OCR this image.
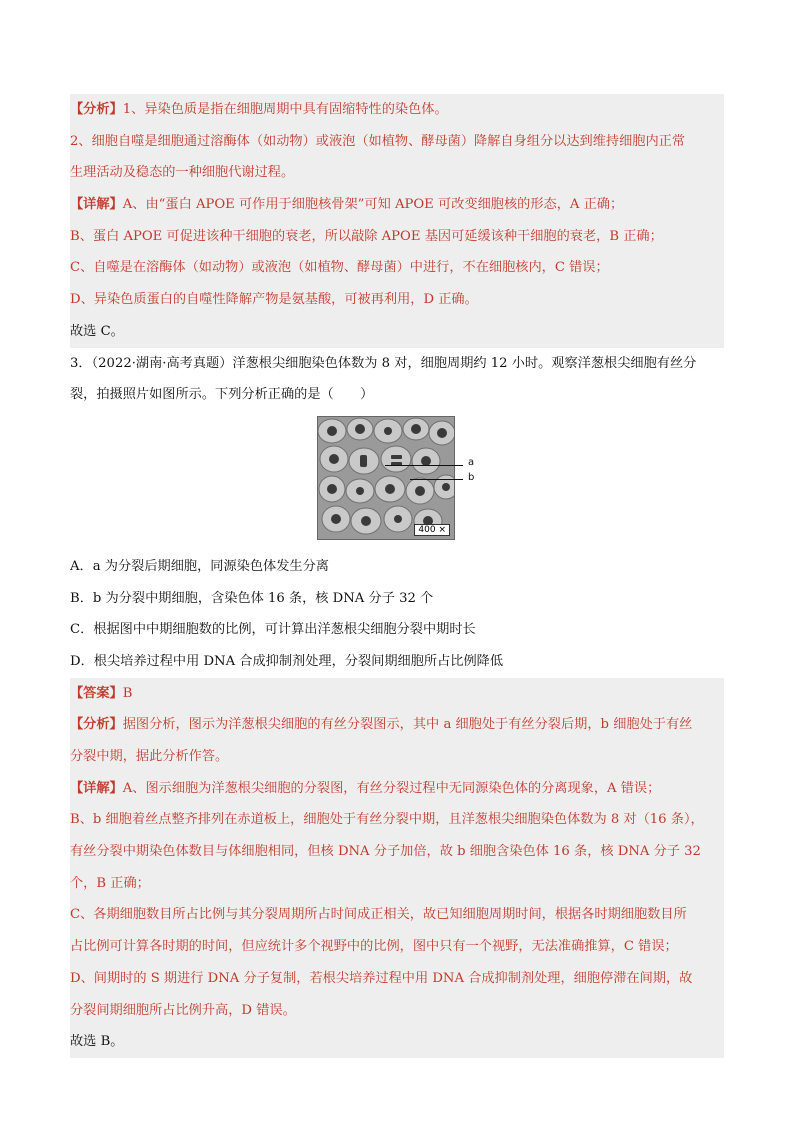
【分析】1、异染色质是指在细胞周期中具有固缩特性的染色体。
2、细胞自噬是细胞通过溶酶体（如动物）或液泡（如植物、酵母菌）降解自身组分以达到维持细胞内正常
生理活动及稳态的一种细胞代谢过程。
【详解】A、由“蛋白 APOE 可作用于细胞核骨架”可知 APOE 可改变细胞核的形态，A 正确；
B、蛋白 APOE 可促进该种干细胞的衰老，所以敲除 APOE 基因可延缓该种干细胞的衰老，B 正确；
C、自噬是在溶酶体（如动物）或液泡（如植物、酵母菌）中进行，不在细胞核内，C 错误；
D、异染色质蛋白的自噬性降解产物是氨基酸，可被再利用，D 正确。
故选 C。
3．（2022·湖南·高考真题）洋葱根尖细胞染色体数为 8 对，细胞周期约 12 小时。观察洋葱根尖细胞有丝分
裂，拍摄照片如图所示。下列分析正确的是（　　）
400 ×
a
b
A．a 为分裂后期细胞，同源染色体发生分离
B．b 为分裂中期细胞，含染色体 16 条，核 DNA 分子 32 个
C．根据图中中期细胞数的比例，可计算出洋葱根尖细胞分裂中期时长
D．根尖培养过程中用 DNA 合成抑制剂处理，分裂间期细胞所占比例降低
【答案】B
【分析】据图分析，图示为洋葱根尖细胞的有丝分裂图示，其中 a 细胞处于有丝分裂后期，b 细胞处于有丝
分裂中期，据此分析作答。
【详解】A、图示细胞为洋葱根尖细胞的分裂图，有丝分裂过程中无同源染色体的分离现象，A 错误；
B、b 细胞着丝点整齐排列在赤道板上，细胞处于有丝分裂中期，且洋葱根尖细胞染色体数为 8 对（16 条），
有丝分裂中期染色体数目与体细胞相同，但核 DNA 分子加倍，故 b 细胞含染色体 16 条，核 DNA 分子 32
个，B 正确；
C、各期细胞数目所占比例与其分裂周期所占时间成正相关，故已知细胞周期时间，根据各时期细胞数目所
占比例可计算各时期的时间，但应统计多个视野中的比例，图中只有一个视野，无法准确推算，C 错误；
D、间期时的 S 期进行 DNA 分子复制，若根尖培养过程中用 DNA 合成抑制剂处理，细胞停滞在间期，故
分裂间期细胞所占比例升高，D 错误。
故选 B。
